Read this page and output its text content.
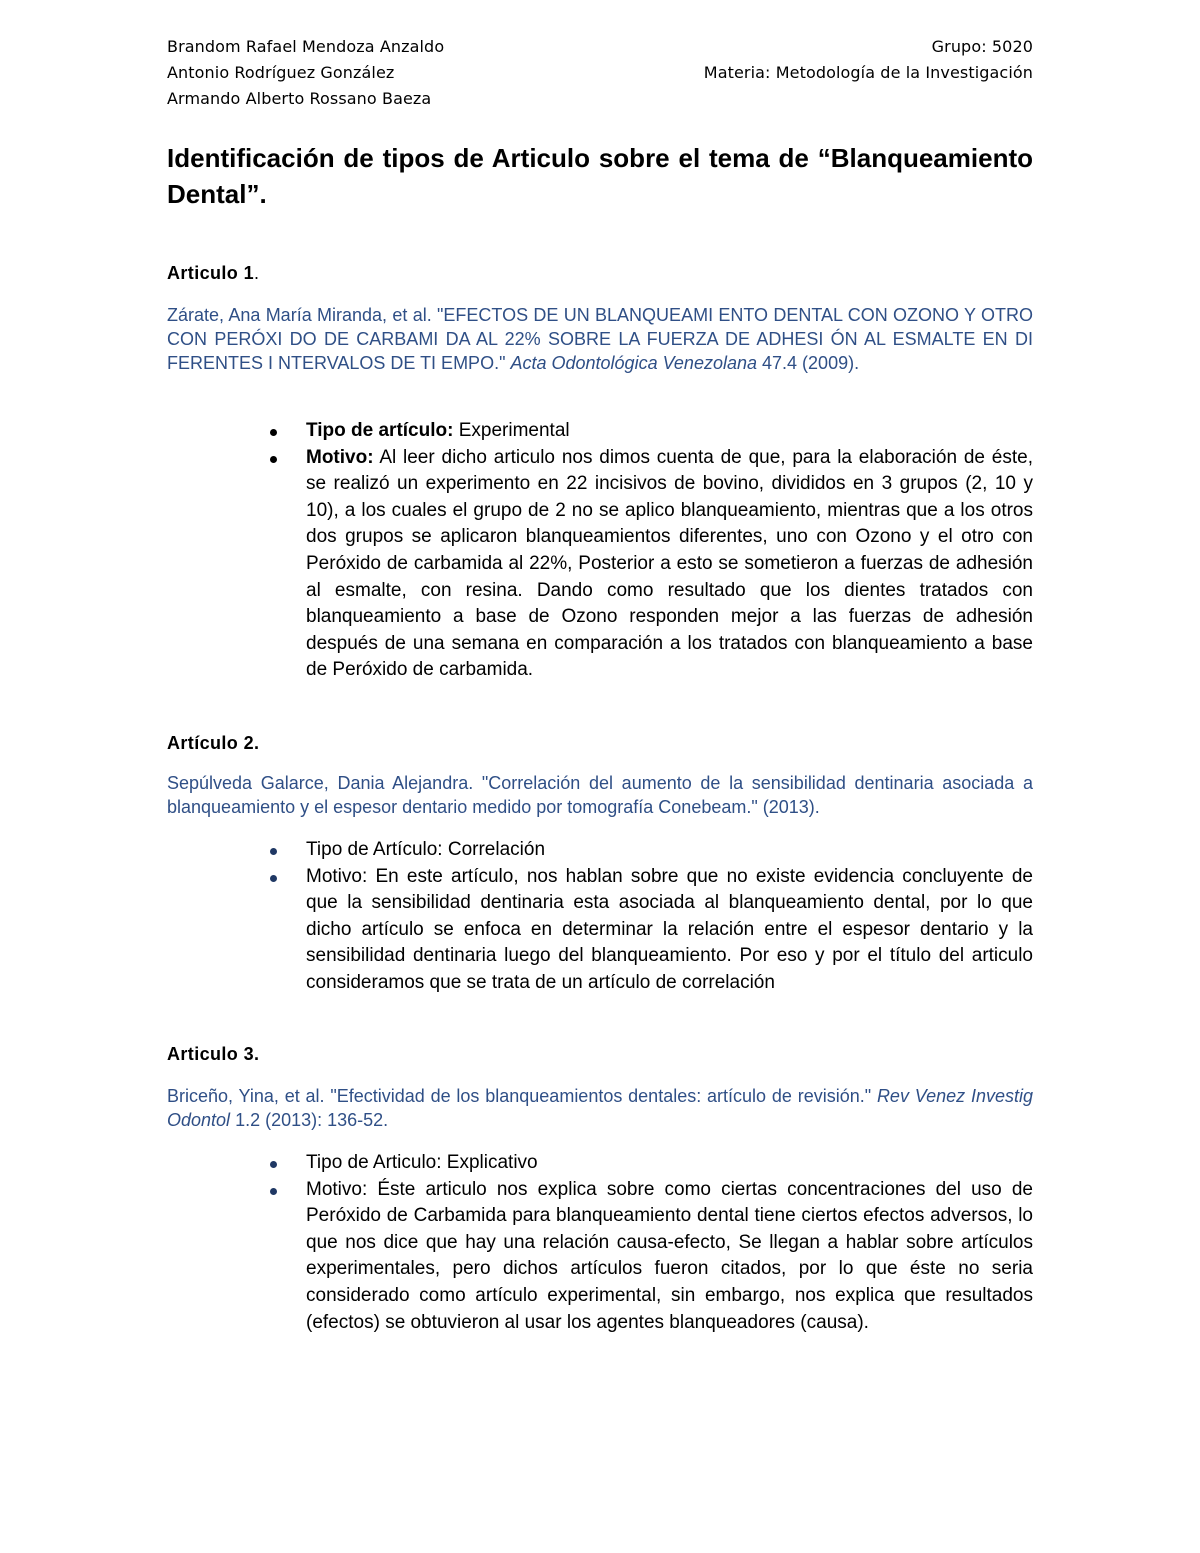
Brandom Rafael Mendoza Anzaldo	Grupo: 5020
Antonio Rodríguez González	Materia: Metodología de la Investigación
Armando Alberto Rossano Baeza
Identificación de tipos de Articulo sobre el tema de “Blanqueamiento Dental”.
Articulo 1.
Zárate, Ana María Miranda, et al. "EFECTOS DE UN BLANQUEAMI ENTO DENTAL CON OZONO Y OTRO CON PERÓXI DO DE CARBAMI DA AL 22% SOBRE LA FUERZA DE ADHESI ÓN AL ESMALTE EN DI FERENTES I NTERVALOS DE TI EMPO." Acta Odontológica Venezolana 47.4 (2009).
Tipo de artículo: Experimental
Motivo: Al leer dicho articulo nos dimos cuenta de que, para la elaboración de éste, se realizó un experimento en 22 incisivos de bovino, divididos en 3 grupos (2, 10 y 10), a los cuales el grupo de 2 no se aplico blanqueamiento, mientras que a los otros dos grupos se aplicaron blanqueamientos diferentes, uno con Ozono y el otro con Peróxido de carbamida al 22%, Posterior a esto se sometieron a fuerzas de adhesión al esmalte, con resina. Dando como resultado que los dientes tratados con blanqueamiento a base de Ozono responden mejor a las fuerzas de adhesión después de una semana en comparación a los tratados con blanqueamiento a base de Peróxido de carbamida.
Artículo 2.
Sepúlveda Galarce, Dania Alejandra. "Correlación del aumento de la sensibilidad dentinaria asociada a blanqueamiento y el espesor dentario medido por tomografía Conebeam." (2013).
Tipo de Artículo: Correlación
Motivo: En este artículo, nos hablan sobre que no existe evidencia concluyente de que la sensibilidad dentinaria esta asociada al blanqueamiento dental, por lo que dicho artículo se enfoca en determinar la relación entre el espesor dentario y la sensibilidad dentinaria luego del blanqueamiento. Por eso y por el título del articulo consideramos que se trata de un artículo de correlación
Articulo 3.
Briceño, Yina, et al. "Efectividad de los blanqueamientos dentales: artículo de revisión." Rev Venez Investig Odontol 1.2 (2013): 136-52.
Tipo de Articulo: Explicativo
Motivo: Éste articulo nos explica sobre como ciertas concentraciones del uso de Peróxido de Carbamida para blanqueamiento dental tiene ciertos efectos adversos, lo que nos dice que hay una relación causa-efecto, Se llegan a hablar sobre artículos experimentales, pero dichos artículos fueron citados, por lo que éste no seria considerado como artículo experimental, sin embargo, nos explica que resultados (efectos) se obtuvieron al usar los agentes blanqueadores (causa).
